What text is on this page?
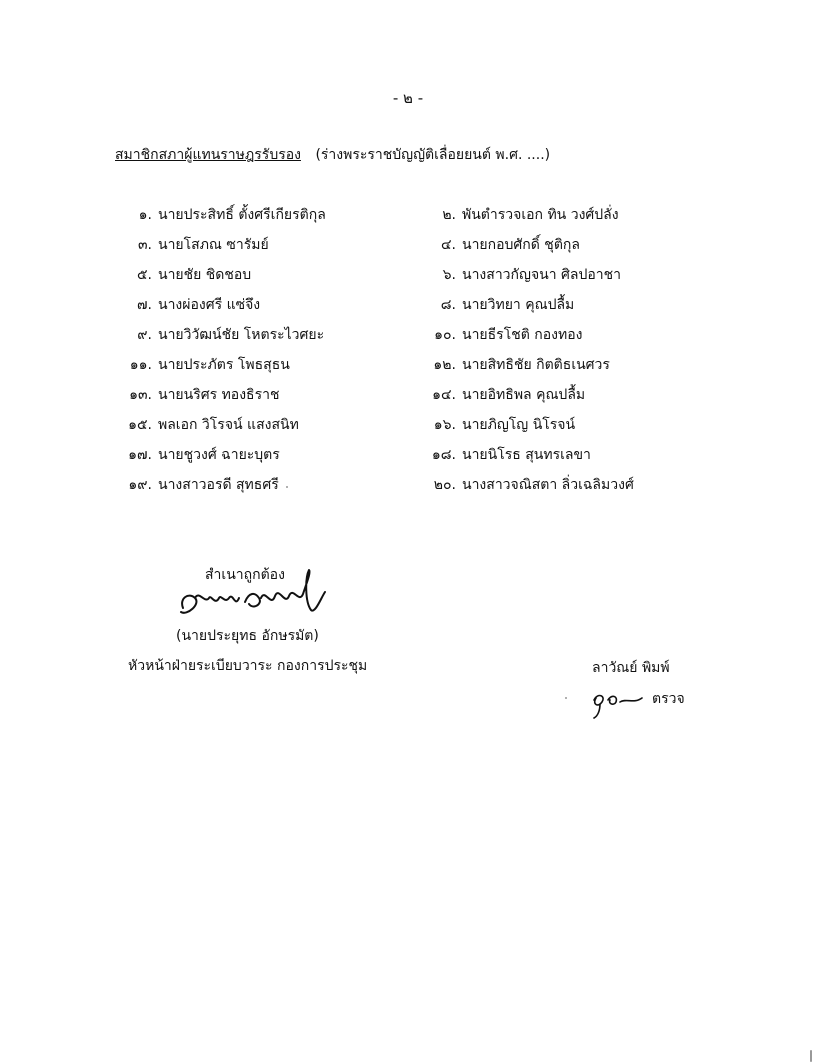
- ๒ -
สมาชิกสภาผู้แทนราษฎรรับรอง (ร่างพระราชบัญญัติเลื่อยยนต์ พ.ศ. ....)
๑. นายประสิทธิ์ ตั้งศรีเกียรติกุล
๓. นายโสภณ ซารัมย์
๕. นายชัย ชิดชอบ
๗. นางผ่องศรี แซ่จึง
๙. นายวิวัฒน์ชัย โหตระไวศยะ
๑๑. นายประภัตร โพธสุธน
๑๓. นายนริศร ทองธิราช
๑๕. พลเอก วิโรจน์ แสงสนิท
๑๗. นายชูวงศ์ ฉายะบุตร
๑๙. นางสาวอรดี สุทธศรี
๒. พันตำรวจเอก ทิน วงศ์ปลั่ง
๔. นายกอบศักดิ์ ชุติกุล
๖. นางสาวกัญจนา ศิลปอาชา
๘. นายวิทยา คุณปลื้ม
๑๐. นายธีรโชติ กองทอง
๑๒. นายสิทธิชัย กิตติธเนศวร
๑๔. นายอิทธิพล คุณปลื้ม
๑๖. นายภิญโญ นิโรจน์
๑๘. นายนิโรธ สุนทรเลขา
๒๐. นางสาวจณิสตา ลิ่วเฉลิมวงศ์
สำเนาถูกต้อง
(นายประยุทธ อักษรมัต)
หัวหน้าฝ่ายระเบียบวาระ กองการประชุม	ลาวัณย์ พิมพ์
ตรวจ
